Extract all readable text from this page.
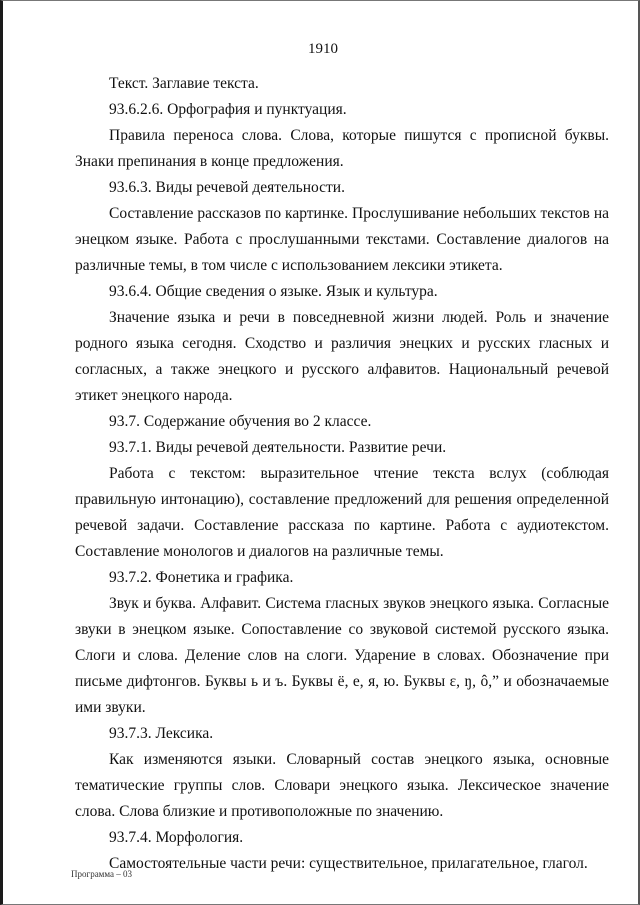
1910

Текст. Заглавие текста.

93.6.2.6. Орфография и пунктуация.

Правила переноса слова. Слова, которые пишутся с прописной буквы. Знаки препинания в конце предложения.

93.6.3. Виды речевой деятельности.

Составление рассказов по картинке. Прослушивание небольших текстов на энецком языке. Работа с прослушанными текстами. Составление диалогов на различные темы, в том числе с использованием лексики этикета.

93.6.4. Общие сведения о языке. Язык и культура.

Значение языка и речи в повседневной жизни людей. Роль и значение родного языка сегодня. Сходство и различия энецких и русских гласных и согласных, а также энецкого и русского алфавитов. Национальный речевой этикет энецкого народа.

93.7. Содержание обучения во 2 классе.

93.7.1. Виды речевой деятельности. Развитие речи.

Работа с текстом: выразительное чтение текста вслух (соблюдая правильную интонацию), составление предложений для решения определенной речевой задачи. Составление рассказа по картине. Работа с аудиотекстом. Составление монологов и диалогов на различные темы.

93.7.2. Фонетика и графика.

Звук и буква. Алфавит. Система гласных звуков энецкого языка. Согласные звуки в энецком языке. Сопоставление со звуковой системой русского языка. Слоги и слова. Деление слов на слоги. Ударение в словах. Обозначение при письме дифтонгов. Буквы ь и ъ. Буквы ё, е, я, ю. Буквы ɛ, ŋ, ô,” и обозначаемые ими звуки.

93.7.3. Лексика.

Как изменяются языки. Словарный состав энецкого языка, основные тематические группы слов. Словари энецкого языка. Лексическое значение слова. Слова близкие и противоположные по значению.

93.7.4. Морфология.

Самостоятельные части речи: существительное, прилагательное, глагол.

Программа – 03
